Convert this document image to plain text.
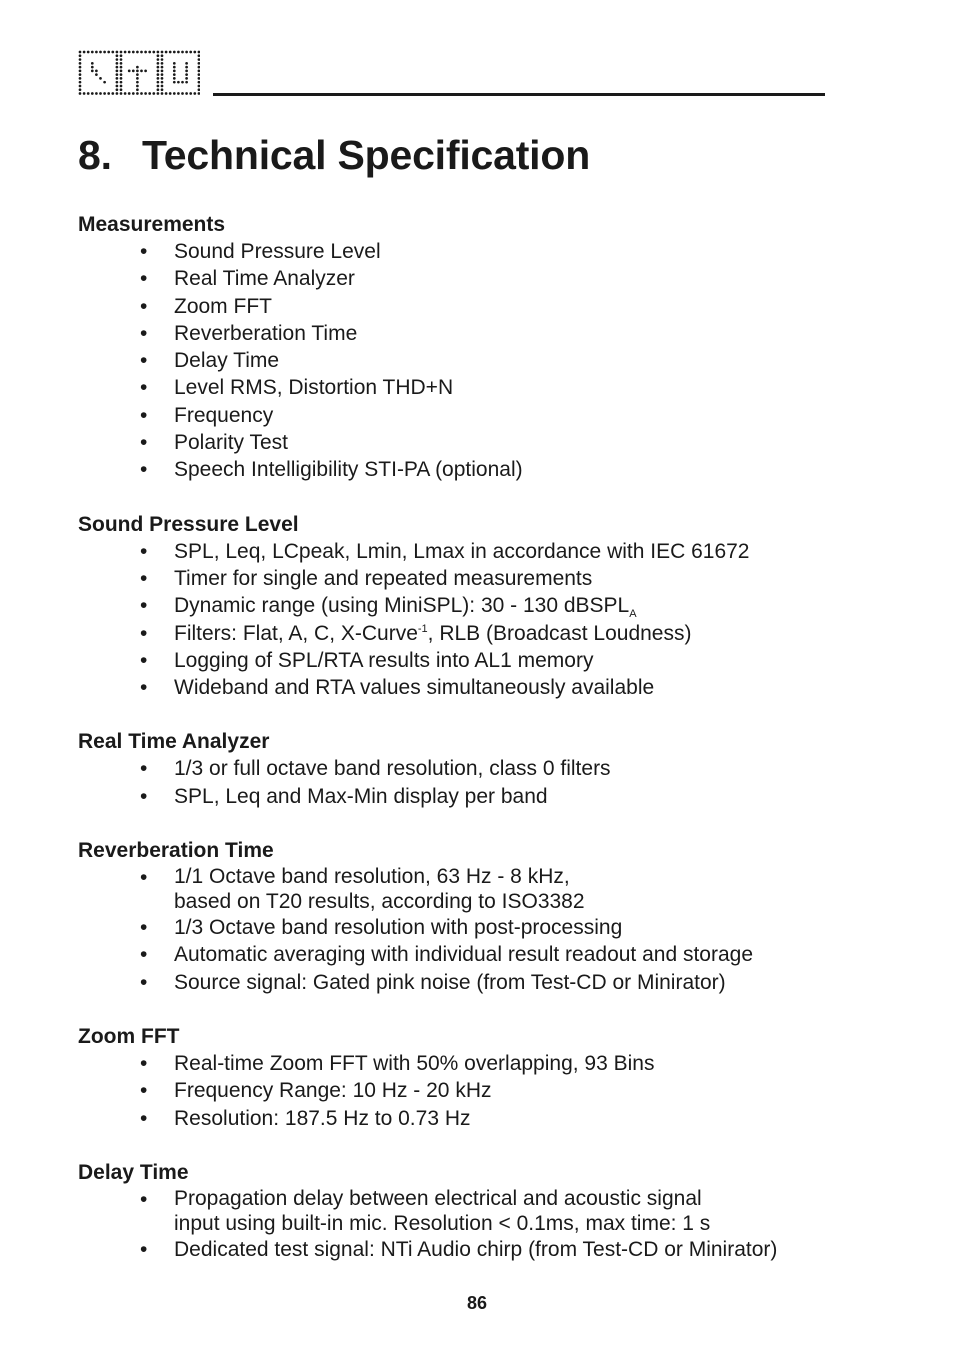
8. Technical Specification
Measurements
• Sound Pressure Level
• Real Time Analyzer
• Zoom FFT
• Reverberation Time
• Delay Time
• Level RMS, Distortion THD+N
• Frequency
• Polarity Test
• Speech Intelligibility STI-PA (optional)
Sound Pressure Level
• SPL, Leq, LCpeak, Lmin, Lmax in accordance with IEC 61672
• Timer for single and repeated measurements
• Dynamic range (using MiniSPL): 30 - 130 dBSPL$_A$
• Filters: Flat, A, C, X-Curve$^{-1}$, RLB (Broadcast Loudness)
• Logging of SPL/RTA results into AL1 memory
• Wideband and RTA values simultaneously available
Real Time Analyzer
• 1/3 or full octave band resolution, class 0 filters
• SPL, Leq and Max-Min display per band
Reverberation Time
• 1/1 Octave band resolution, 63 Hz - 8 kHz,
based on T20 results, according to ISO3382
• 1/3 Octave band resolution with post-processing
• Automatic averaging with individual result readout and storage
• Source signal: Gated pink noise (from Test-CD or Minirator)
Zoom FFT
• Real-time Zoom FFT with 50% overlapping, 93 Bins
• Frequency Range: 10 Hz - 20 kHz
• Resolution: 187.5 Hz to 0.73 Hz
Delay Time
• Propagation delay between electrical and acoustic signal
input using built-in mic. Resolution < 0.1ms, max time: 1 s
• Dedicated test signal: NTi Audio chirp (from Test-CD or Minirator)
86
